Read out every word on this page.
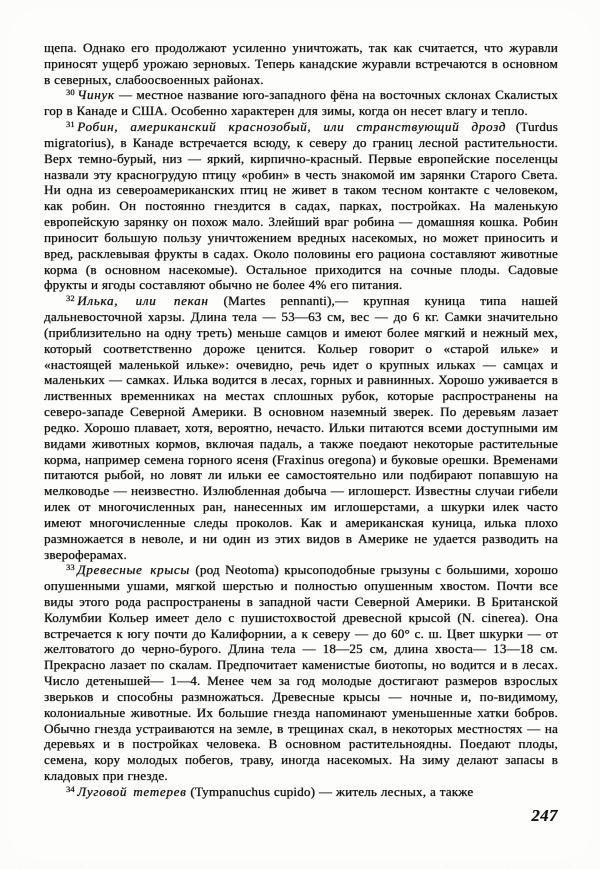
щепа. Однако его продолжают усиленно уничтожать, так как считается, что журавли приносят ущерб урожаю зерновых. Теперь канадские журавли встречаются в основном в северных, слабоосвоенных районах.

$^{30}$ Чинук — местное название юго-западного фёна на восточных склонах Скалистых гор в Канаде и США. Особенно характерен для зимы, когда он несет влагу и тепло.

$^{31}$ Робин, американский краснозобый, или странствующий дрозд (Turdus migratorius), в Канаде встречается всюду, к северу до границ лесной растительности. Верх темно-бурый, низ — яркий, кирпично-красный. Первые европейские поселенцы назвали эту красногрудую птицу «робин» в честь знакомой им зарянки Старого Света. Ни одна из североамериканских птиц не живет в таком тесном контакте с человеком, как робин. Он постоянно гнездится в садах, парках, постройках. На маленькую европейскую зарянку он похож мало. Злейший враг робина — домашняя кошка. Робин приносит большую пользу уничтожением вредных насекомых, но может приносить и вред, расклевывая фрукты в садах. Около половины его рациона составляют животные корма (в основном насекомые). Остальное приходится на сочные плоды. Садовые фрукты и ягоды составляют обычно не более 4% его питания.

$^{32}$ Илька, или пекан (Martes pennanti),— крупная куница типа нашей дальневосточной харзы. Длина тела — 53—63 см, вес — до 6 кг. Самки значительно (приблизительно на одну треть) меньше самцов и имеют более мягкий и нежный мех, который соответственно дороже ценится. Кольер говорит о «старой ильке» и «настоящей маленькой ильке»: очевидно, речь идет о крупных ильках — самцах и маленьких — самках. Илька водится в лесах, горных и равнинных. Хорошо уживается в лиственных временниках на местах сплошных рубок, которые распространены на северо-западе Северной Америки. В основном наземный зверек. По деревьям лазает редко. Хорошо плавает, хотя, вероятно, нечасто. Ильки питаются всеми доступными им видами животных кормов, включая падаль, а также поедают некоторые растительные корма, например семена горного ясеня (Fraxinus oregona) и буковые орешки. Временами питаются рыбой, но ловят ли ильки ее самостоятельно или подбирают попавшую на мелководье — неизвестно. Излюбленная добыча — иглошерст. Известны случаи гибели илек от многочисленных ран, нанесенных им иглошерстами, а шкурки илек часто имеют многочисленные следы проколов. Как и американская куница, илька плохо размножается в неволе, и ни один из этих видов в Америке не удается разводить на звероферамах.

$^{33}$ Древесные крысы (род Neotoma) крысоподобные грызуны с большими, хорошо опушенными ушами, мягкой шерстью и полностью опушенным хвостом. Почти все виды этого рода распространены в западной части Северной Америки. В Британской Колумбии Кольер имеет дело с пушистохвостой древесной крысой (N. cinerea). Она встречается к югу почти до Калифорнии, а к северу — до 60° с. ш. Цвет шкурки — от желтоватого до черно-бурого. Длина тела — 18—25 см, длина хвоста— 13—18 см. Прекрасно лазает по скалам. Предпочитает каменистые биотопы, но водится и в лесах. Число детенышей— 1—4. Менее чем за год молодые достигают размеров взрослых зверьков и способны размножаться. Древесные крысы — ночные и, по-видимому, колониальные животные. Их большие гнезда напоминают уменьшенные хатки бобров. Обычно гнезда устраиваются на земле, в трещинах скал, в некоторых местностях — на деревьях и в постройках человека. В основном растительноядны. Поедают плоды, семена, кору молодых побегов, траву, иногда насекомых. На зиму делают запасы в кладовых при гнезде.

$^{34}$ Луговой тетерев (Tympanuchus cupido) — житель лесных, а также

247
